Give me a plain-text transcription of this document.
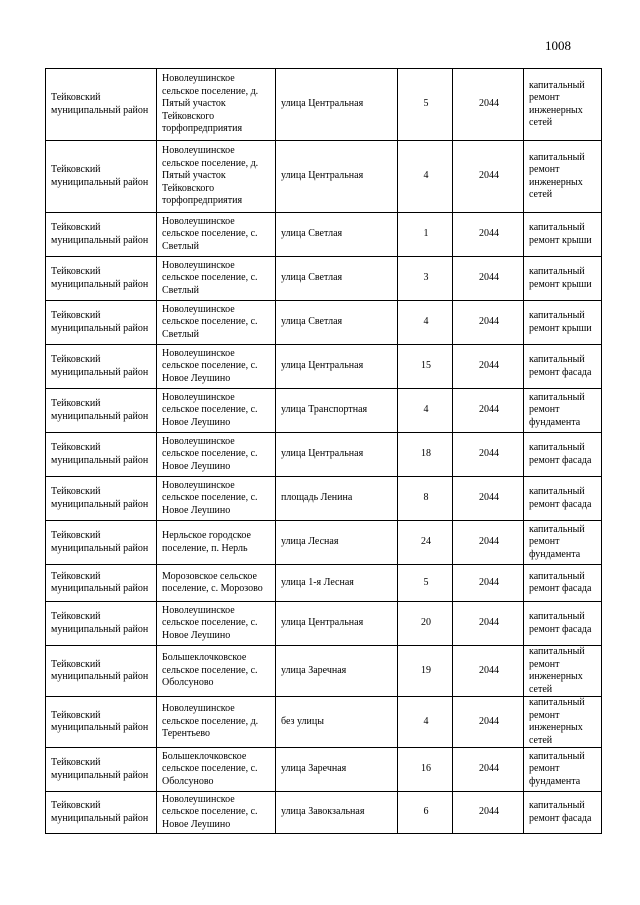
1008
Тейковский муниципальный район	Новолеушинское сельское поселение, д. Пятый участок Тейковского торфопредприятия	улица Центральная	5	2044	капитальный ремонт инженерных сетей
Тейковский муниципальный район	Новолеушинское сельское поселение, д. Пятый участок Тейковского торфопредприятия	улица Центральная	4	2044	капитальный ремонт инженерных сетей
Тейковский муниципальный район	Новолеушинское сельское поселение, с. Светлый	улица Светлая	1	2044	капитальный ремонт крыши
Тейковский муниципальный район	Новолеушинское сельское поселение, с. Светлый	улица Светлая	3	2044	капитальный ремонт крыши
Тейковский муниципальный район	Новолеушинское сельское поселение, с. Светлый	улица Светлая	4	2044	капитальный ремонт крыши
Тейковский муниципальный район	Новолеушинское сельское поселение, с. Новое Леушино	улица Центральная	15	2044	капитальный ремонт фасада
Тейковский муниципальный район	Новолеушинское сельское поселение, с. Новое Леушино	улица Транспортная	4	2044	капитальный ремонт фундамента
Тейковский муниципальный район	Новолеушинское сельское поселение, с. Новое Леушино	улица Центральная	18	2044	капитальный ремонт фасада
Тейковский муниципальный район	Новолеушинское сельское поселение, с. Новое Леушино	площадь Ленина	8	2044	капитальный ремонт фасада
Тейковский муниципальный район	Нерльское городское поселение, п. Нерль	улица Лесная	24	2044	капитальный ремонт фундамента
Тейковский муниципальный район	Морозовское сельское поселение, с. Морозово	улица 1-я Лесная	5	2044	капитальный ремонт фасада
Тейковский муниципальный район	Новолеушинское сельское поселение, с. Новое Леушино	улица Центральная	20	2044	капитальный ремонт фасада
Тейковский муниципальный район	Большеклочковское сельское поселение, с. Оболсуново	улица Заречная	19	2044	капитальный ремонт инженерных сетей
Тейковский муниципальный район	Новолеушинское сельское поселение, д. Терентьево	без улицы	4	2044	капитальный ремонт инженерных сетей
Тейковский муниципальный район	Большеклочковское сельское поселение, с. Оболсуново	улица Заречная	16	2044	капитальный ремонт фундамента
Тейковский муниципальный район	Новолеушинское сельское поселение, с. Новое Леушино	улица Завокзальная	6	2044	капитальный ремонт фасада
